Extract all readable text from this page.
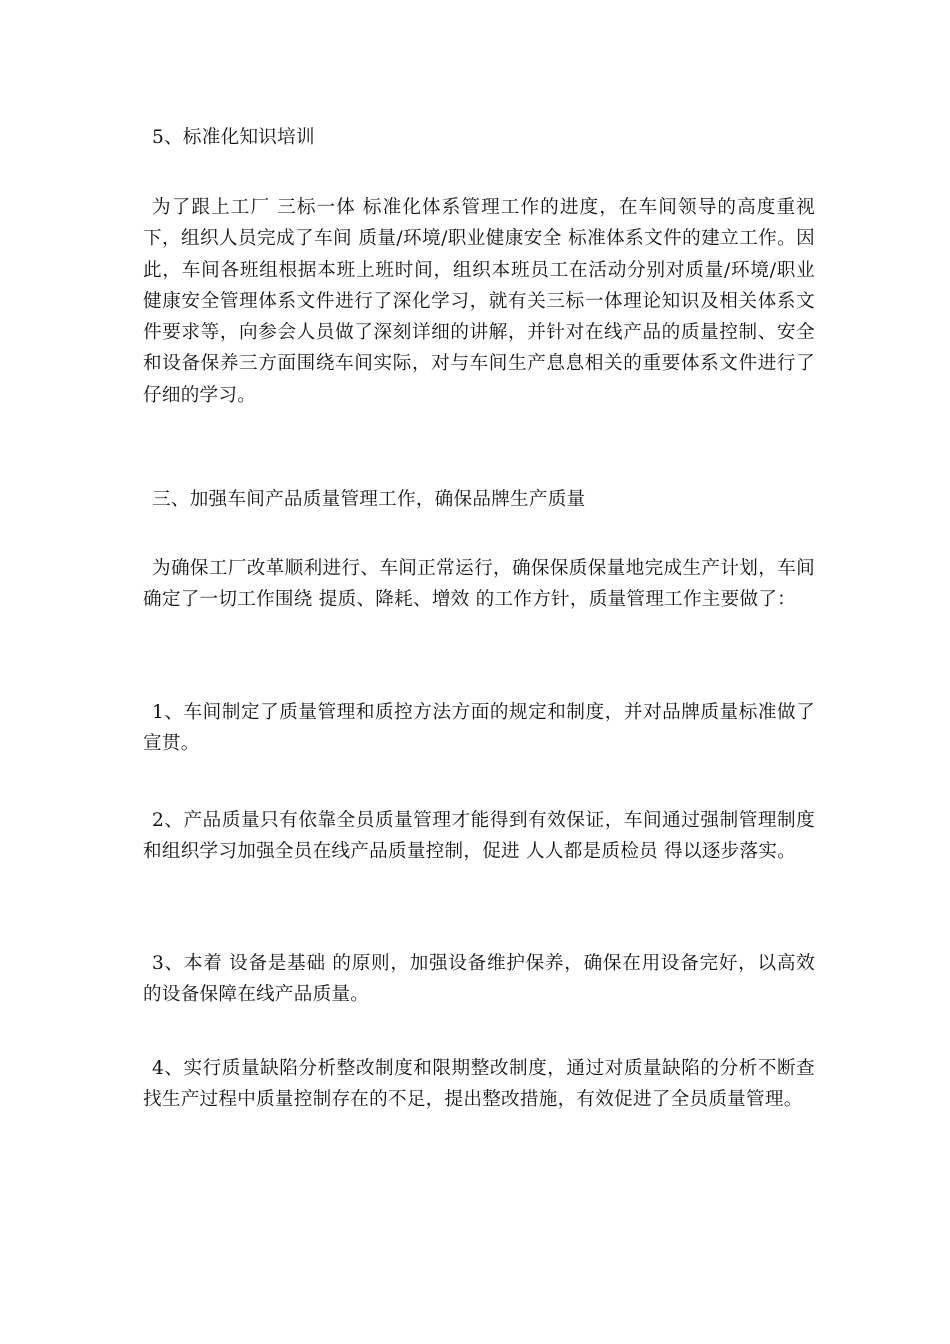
5、标准化知识培训

为了跟上工厂 三标一体 标准化体系管理工作的进度，在车间领导的高度重视下，组织人员完成了车间 质量/环境/职业健康安全 标准体系文件的建立工作。因此，车间各班组根据本班上班时间，组织本班员工在活动分别对质量/环境/职业健康安全管理体系文件进行了深化学习，就有关三标一体理论知识及相关体系文件要求等，向参会人员做了深刻详细的讲解，并针对在线产品的质量控制、安全和设备保养三方面围绕车间实际，对与车间生产息息相关的重要体系文件进行了仔细的学习。

三、加强车间产品质量管理工作，确保品牌生产质量

为确保工厂改革顺利进行、车间正常运行，确保保质保量地完成生产计划，车间确定了一切工作围绕 提质、降耗、增效 的工作方针，质量管理工作主要做了：

1、车间制定了质量管理和质控方法方面的规定和制度，并对品牌质量标准做了宣贯。

2、产品质量只有依靠全员质量管理才能得到有效保证，车间通过强制管理制度和组织学习加强全员在线产品质量控制，促进 人人都是质检员 得以逐步落实。

3、本着 设备是基础 的原则，加强设备维护保养，确保在用设备完好，以高效的设备保障在线产品质量。

4、实行质量缺陷分析整改制度和限期整改制度，通过对质量缺陷的分析不断查找生产过程中质量控制存在的不足，提出整改措施，有效促进了全员质量管理。
